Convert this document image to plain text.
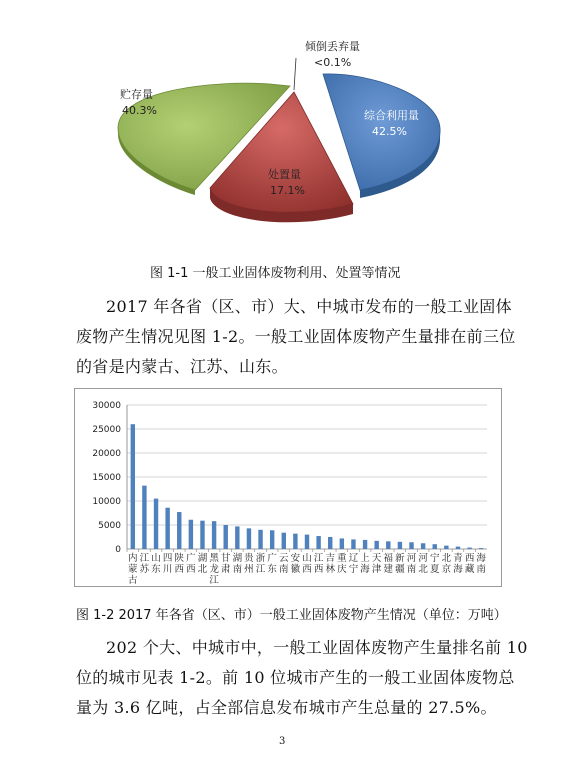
倾倒丢弃量
<0.1%
贮存量
40.3%	综合利用量
42.5%
处置量
17.1%
图 1-1 一般工业固体废物利用、处置等情况

2017 年各省（区、市）大、中城市发布的一般工业固体

废物产生情况见图 1-2。一般工业固体废物产生量排在前三位

的省是内蒙古、江苏、山东。

0
5000
10000
15000
20000
25000
30000
内蒙古
江苏
山东
四川
陕西
广西
湖北
黑龙江
甘肃
湖南
贵州
浙江
广东
云南
安徽
山西
江西
吉林
重庆
辽宁
上海
天津
福建
新疆
河南
河北
宁夏
北京
青海
西藏
海南
图 1-2 2017 年各省（区、市）一般工业固体废物产生情况（单位：万吨）

202 个大、中城市中，一般工业固体废物产生量排名前 10

位的城市见表 1-2。前 10 位城市产生的一般工业固体废物总

量为 3.6 亿吨，占全部信息发布城市产生总量的 27.5%。

3
